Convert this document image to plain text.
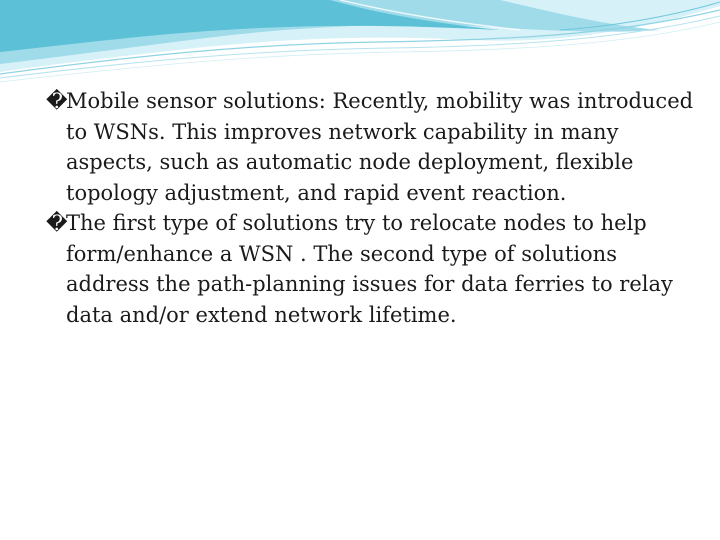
�
Mobile sensor solutions: Recently, mobility was introduced to WSNs. This improves network capability in many aspects, such as automatic node deployment, flexible topology adjustment, and rapid event reaction.
�
The first type of solutions try to relocate nodes to help form/enhance a WSN . The second type of solutions address the path-planning issues for data ferries to relay data and/or extend network lifetime.
